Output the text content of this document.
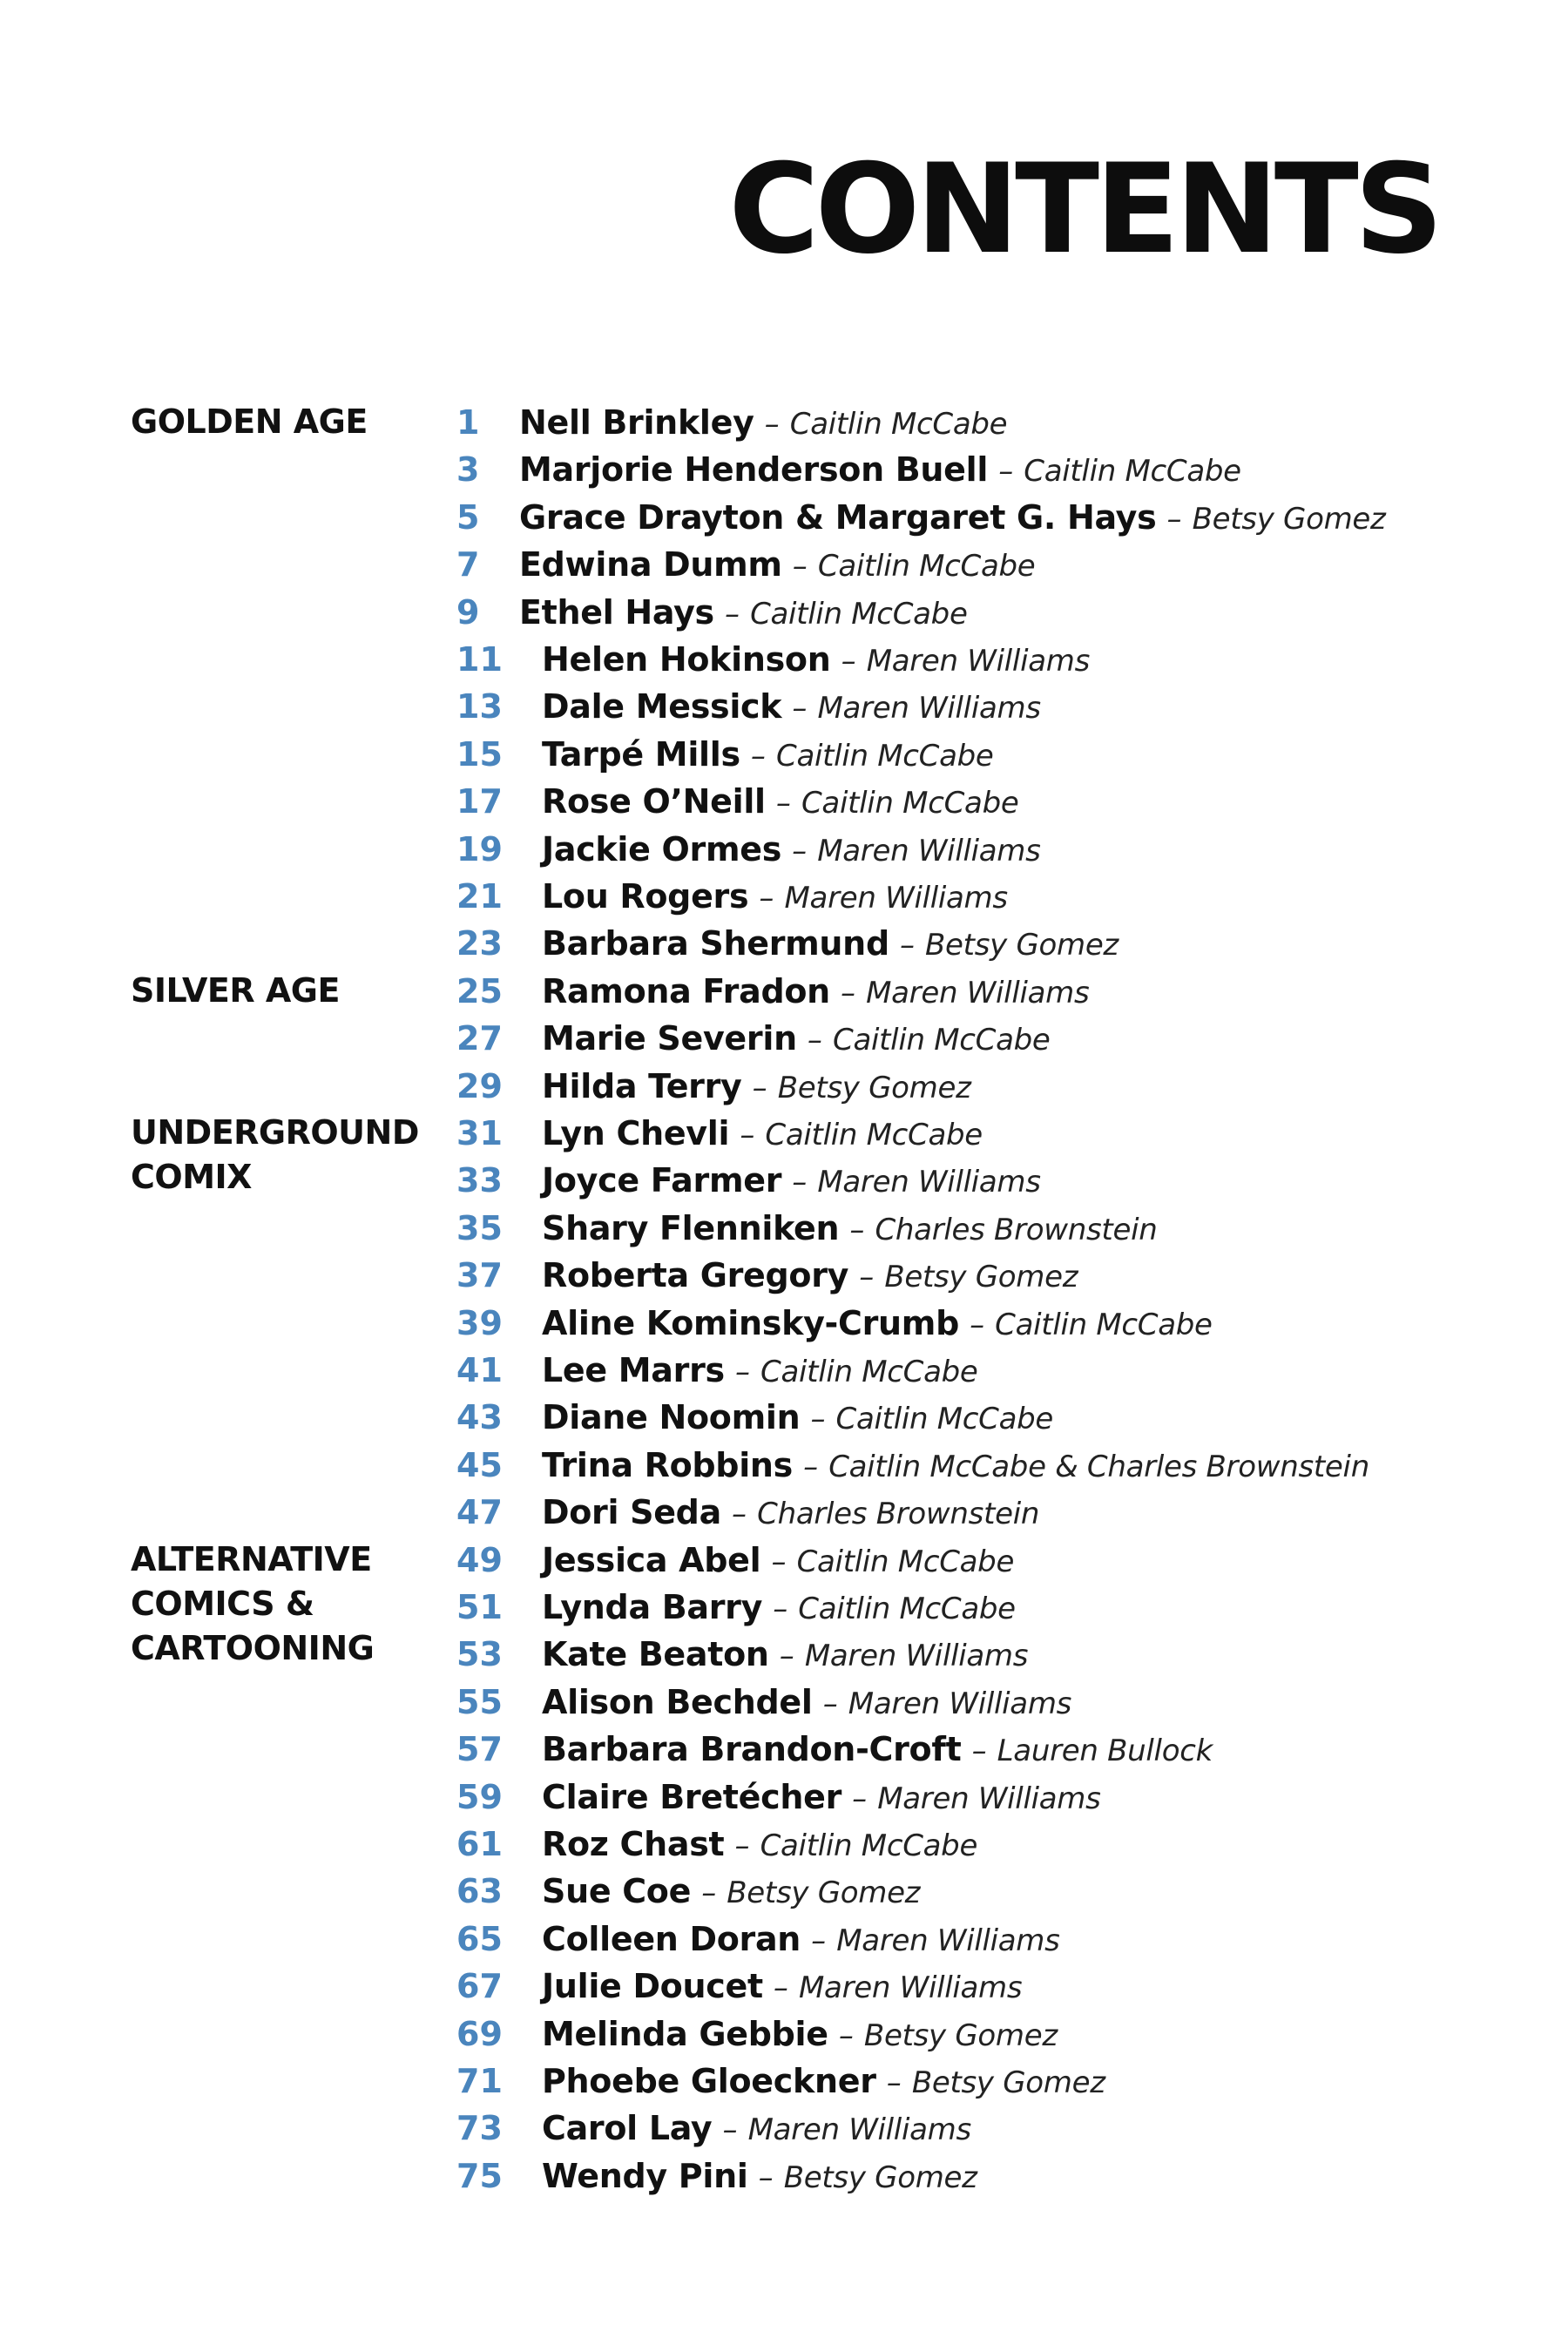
CONTENTS
GOLDEN AGE
SILVER AGE
UNDERGROUND
COMIX
ALTERNATIVE
COMICS &
CARTOONING
1 Nell Brinkley – Caitlin McCabe
3 Marjorie Henderson Buell – Caitlin McCabe
5 Grace Drayton & Margaret G. Hays – Betsy Gomez
7 Edwina Dumm – Caitlin McCabe
9 Ethel Hays – Caitlin McCabe
11 Helen Hokinson – Maren Williams
13 Dale Messick – Maren Williams
15 Tarpé Mills – Caitlin McCabe
17 Rose O’Neill – Caitlin McCabe
19 Jackie Ormes – Maren Williams
21 Lou Rogers – Maren Williams
23 Barbara Shermund – Betsy Gomez
25 Ramona Fradon – Maren Williams
27 Marie Severin – Caitlin McCabe
29 Hilda Terry – Betsy Gomez
31 Lyn Chevli – Caitlin McCabe
33 Joyce Farmer – Maren Williams
35 Shary Flenniken – Charles Brownstein
37 Roberta Gregory – Betsy Gomez
39 Aline Kominsky-Crumb – Caitlin McCabe
41 Lee Marrs – Caitlin McCabe
43 Diane Noomin – Caitlin McCabe
45 Trina Robbins – Caitlin McCabe & Charles Brownstein
47 Dori Seda – Charles Brownstein
49 Jessica Abel – Caitlin McCabe
51 Lynda Barry – Caitlin McCabe
53 Kate Beaton – Maren Williams
55 Alison Bechdel – Maren Williams
57 Barbara Brandon-Croft – Lauren Bullock
59 Claire Bretécher – Maren Williams
61 Roz Chast – Caitlin McCabe
63 Sue Coe – Betsy Gomez
65 Colleen Doran – Maren Williams
67 Julie Doucet – Maren Williams
69 Melinda Gebbie – Betsy Gomez
71 Phoebe Gloeckner – Betsy Gomez
73 Carol Lay – Maren Williams
75 Wendy Pini – Betsy Gomez
